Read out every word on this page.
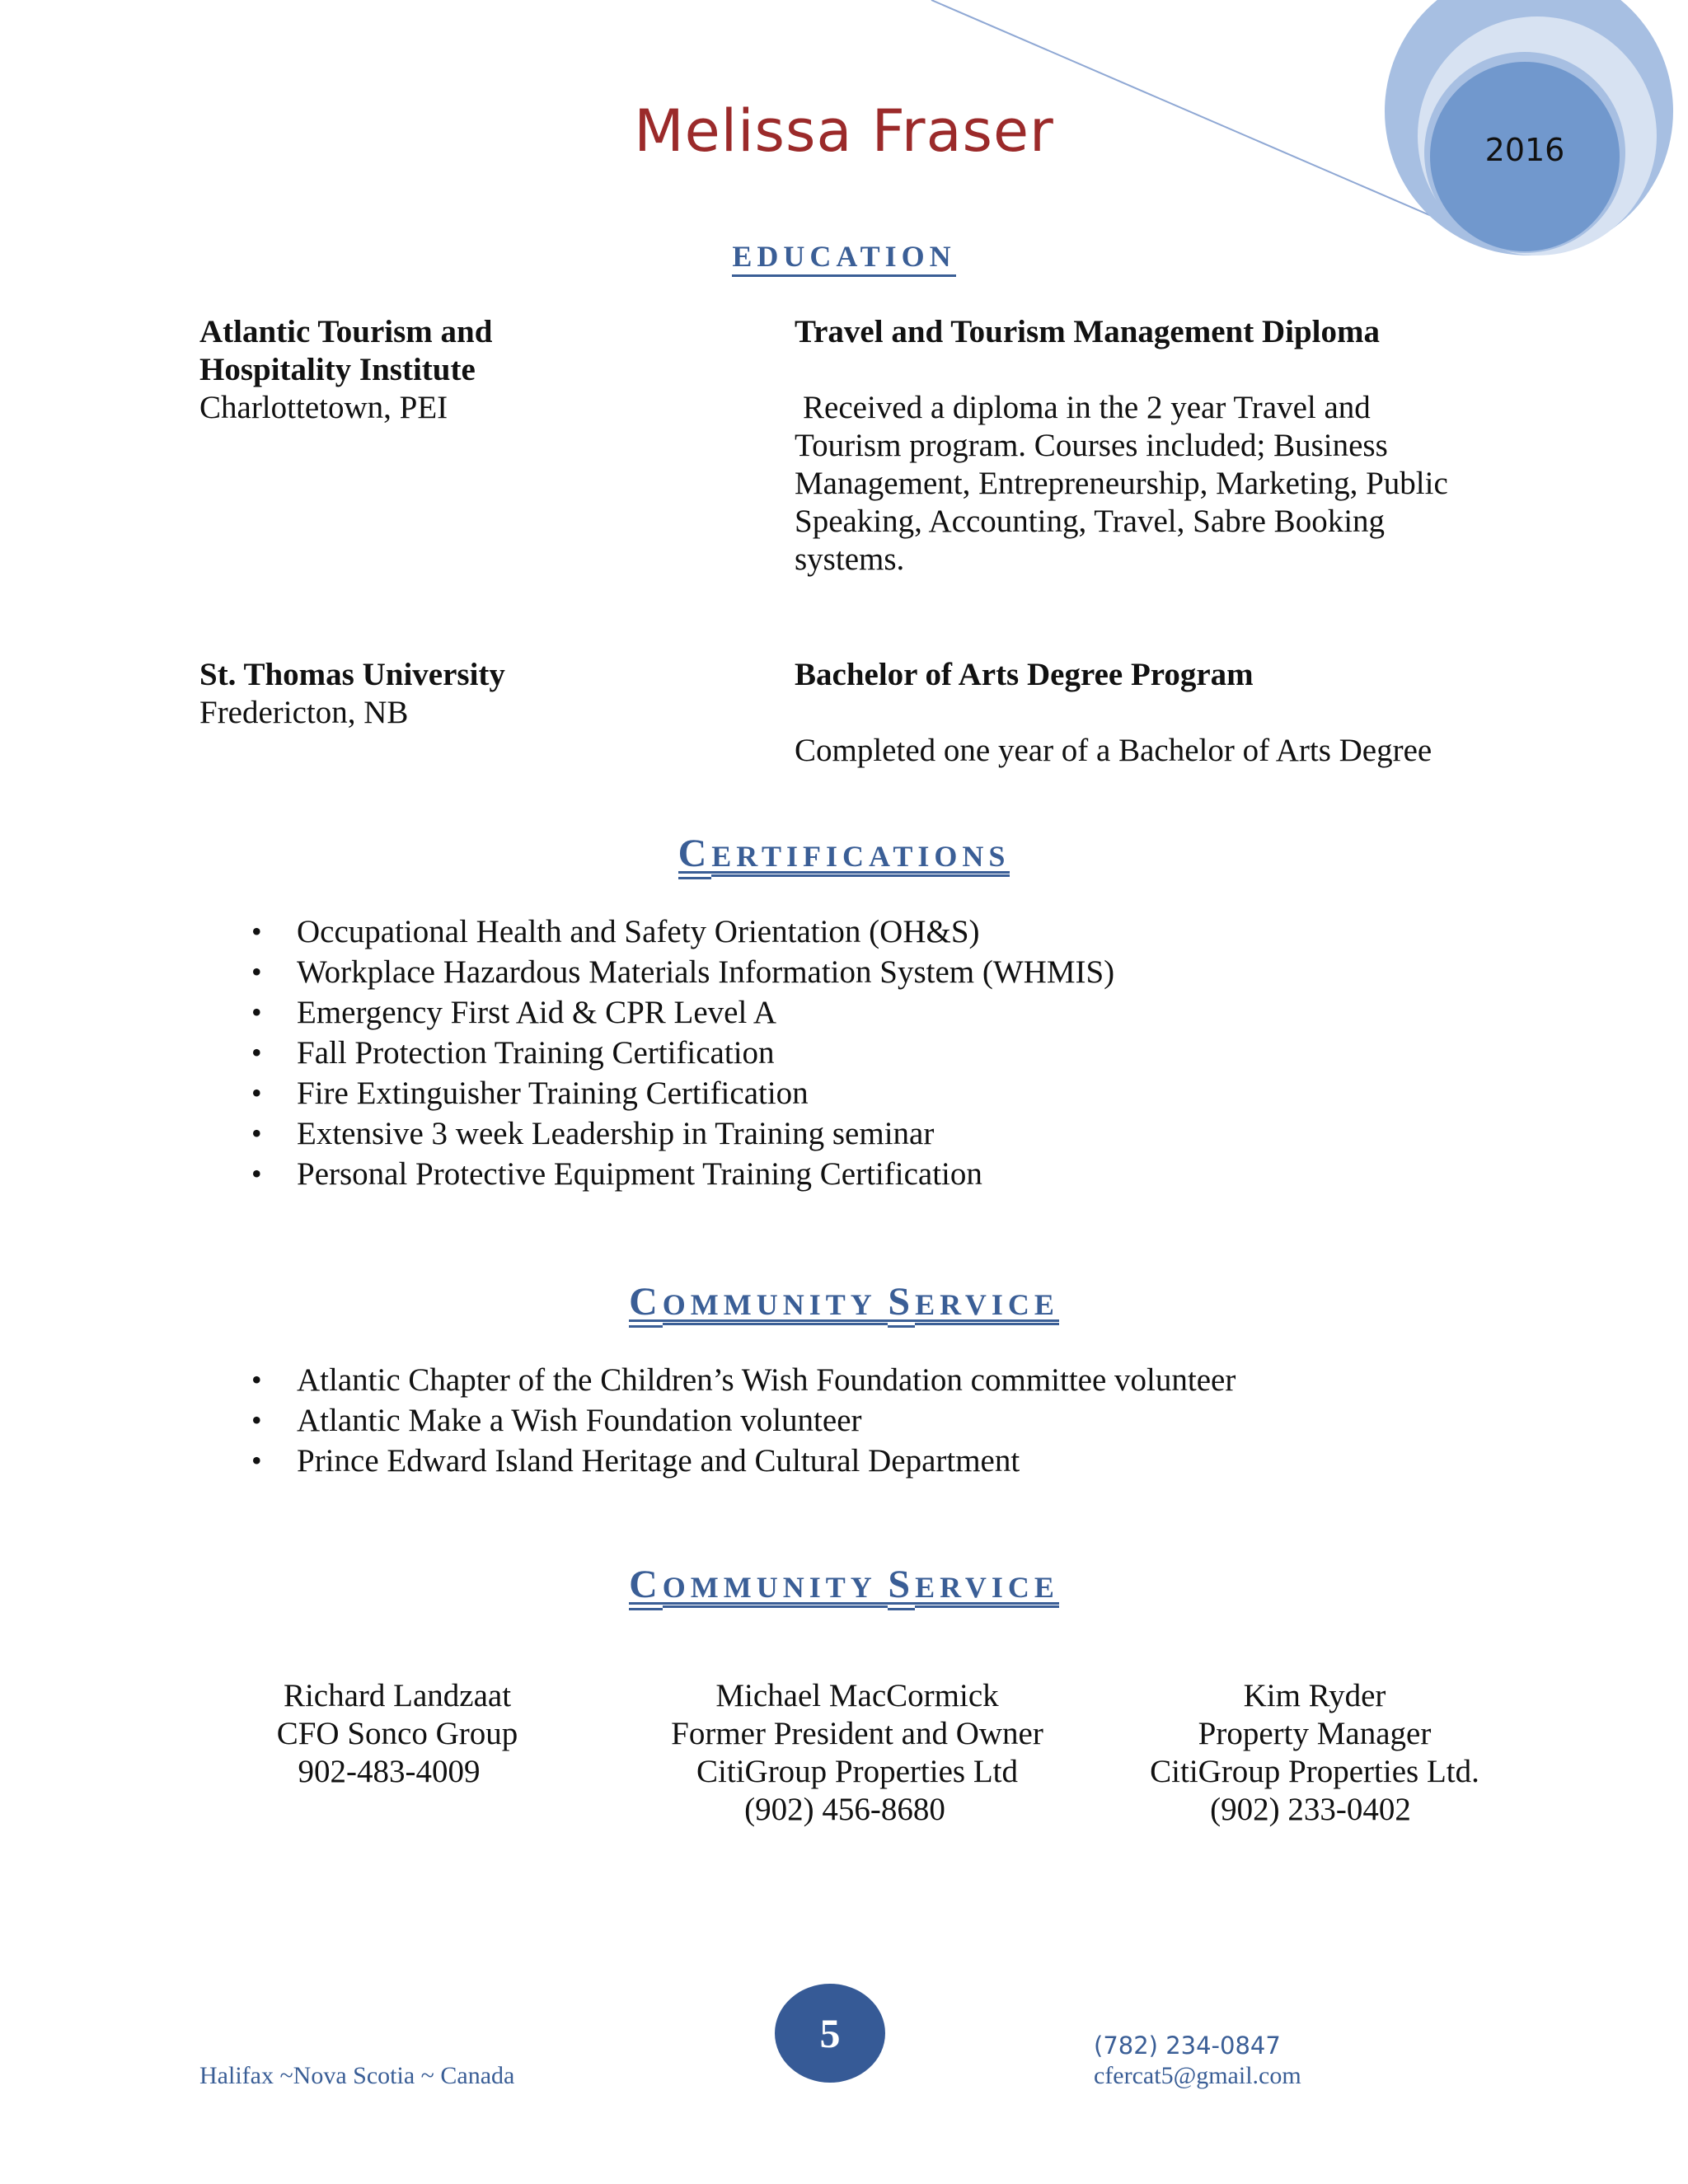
2016
Melissa Fraser
EDUCATION
Atlantic Tourism and
Hospitality Institute
Charlottetown, PEI
Travel and Tourism Management Diploma
Received a diploma in the 2 year Travel and
Tourism program. Courses included; Business
Management, Entrepreneurship, Marketing, Public
Speaking, Accounting, Travel, Sabre Booking
systems.
St. Thomas University
Fredericton, NB
Bachelor of Arts Degree Program
Completed one year of a Bachelor of Arts Degree
CERTIFICATIONS
• Occupational Health and Safety Orientation (OH&S)
• Workplace Hazardous Materials Information System (WHMIS)
• Emergency First Aid & CPR Level A
• Fall Protection Training Certification
• Fire Extinguisher Training Certification
• Extensive 3 week Leadership in Training seminar
• Personal Protective Equipment Training Certification
COMMUNITY SERVICE
• Atlantic Chapter of the Children’s Wish Foundation committee volunteer
• Atlantic Make a Wish Foundation volunteer
• Prince Edward Island Heritage and Cultural Department
COMMUNITY SERVICE
Richard Landzaat
CFO Sonco Group
902-483-4009
Michael MacCormick
Former President and Owner
CitiGroup Properties Ltd
(902) 456-8680
Kim Ryder
Property Manager
CitiGroup Properties Ltd.
(902) 233-0402
5
Halifax ~Nova Scotia ~ Canada
(782) 234-0847
cfercat5@gmail.com
